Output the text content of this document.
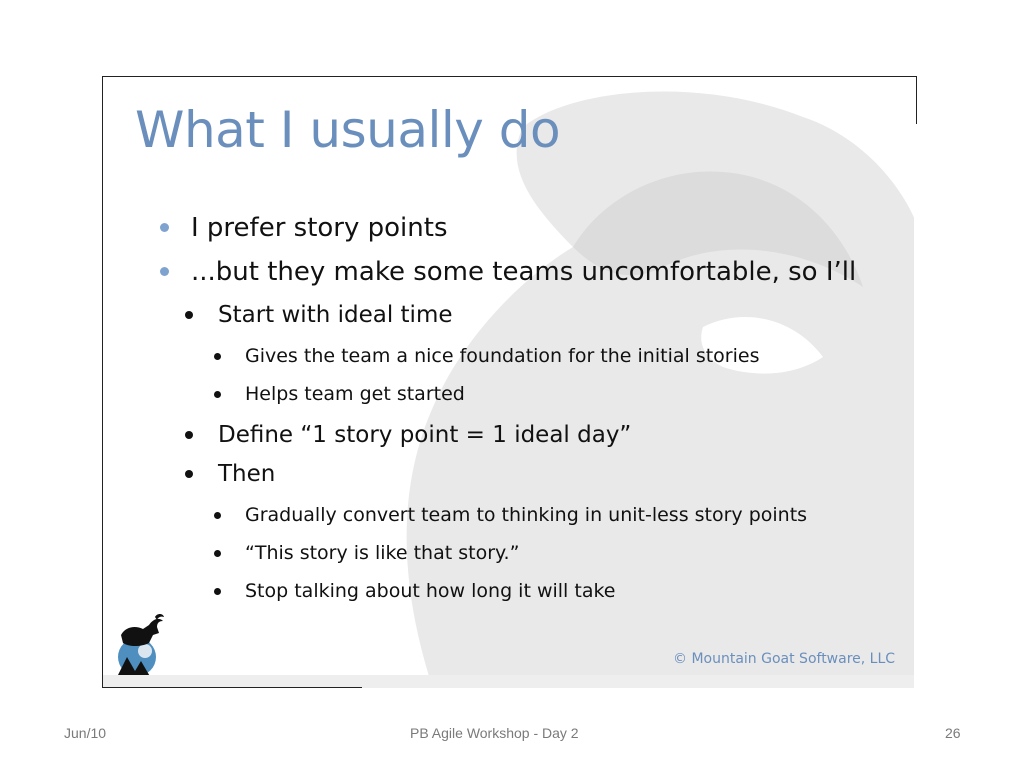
What I usually do
I prefer story points
...but they make some teams uncomfortable, so I’ll
Start with ideal time
Gives the team a nice foundation for the initial stories
Helps team get started
Define “1 story point = 1 ideal day”
Then
Gradually convert team to thinking in unit-less story points
“This story is like that story.”
Stop talking about how long it will take
© Mountain Goat Software, LLC
Jun/10	PB Agile Workshop - Day 2	26
